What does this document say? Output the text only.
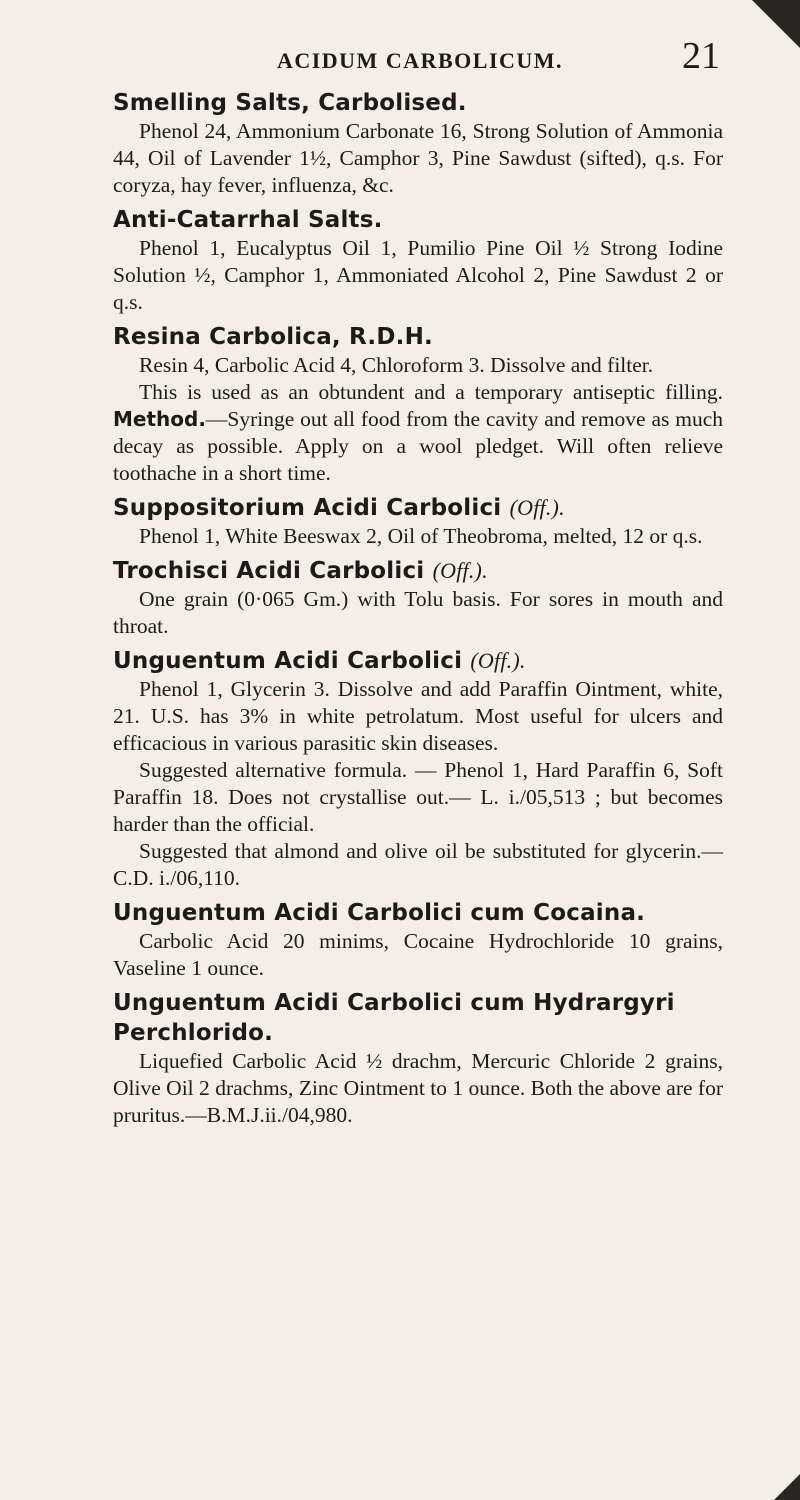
ACIDUM CARBOLICUM.	21
Smelling Salts, Carbolised.

Phenol 24, Ammonium Carbonate 16, Strong Solution of Ammonia 44, Oil of Lavender 1½, Camphor 3, Pine Sawdust (sifted), q.s. For coryza, hay fever, influenza, &c.

Anti-Catarrhal Salts.

Phenol 1, Eucalyptus Oil 1, Pumilio Pine Oil ½ Strong Iodine Solution ½, Camphor 1, Ammoniated Alcohol 2, Pine Sawdust 2 or q.s.

Resina Carbolica, R.D.H.

Resin 4, Carbolic Acid 4, Chloroform 3. Dissolve and filter.

This is used as an obtundent and a temporary antiseptic filling. Method.—Syringe out all food from the cavity and remove as much decay as possible. Apply on a wool pledget. Will often relieve toothache in a short time.

Suppositorium Acidi Carbolici (Off.).

Phenol 1, White Beeswax 2, Oil of Theobroma, melted, 12 or q.s.

Trochisci Acidi Carbolici (Off.).

One grain (0·065 Gm.) with Tolu basis. For sores in mouth and throat.

Unguentum Acidi Carbolici (Off.).

Phenol 1, Glycerin 3. Dissolve and add Paraffin Ointment, white, 21. U.S. has 3% in white petrolatum. Most useful for ulcers and efficacious in various parasitic skin diseases.

Suggested alternative formula. — Phenol 1, Hard Paraffin 6, Soft Paraffin 18. Does not crystallise out.— L. i./05,513 ; but becomes harder than the official.

Suggested that almond and olive oil be substituted for glycerin.—C.D. i./06,110.

Unguentum Acidi Carbolici cum Cocaina.

Carbolic Acid 20 minims, Cocaine Hydrochloride 10 grains, Vaseline 1 ounce.

Unguentum Acidi Carbolici cum Hydrargyri Perchlorido.

Liquefied Carbolic Acid ½ drachm, Mercuric Chloride 2 grains, Olive Oil 2 drachms, Zinc Ointment to 1 ounce. Both the above are for pruritus.—B.M.J.ii./04,980.
